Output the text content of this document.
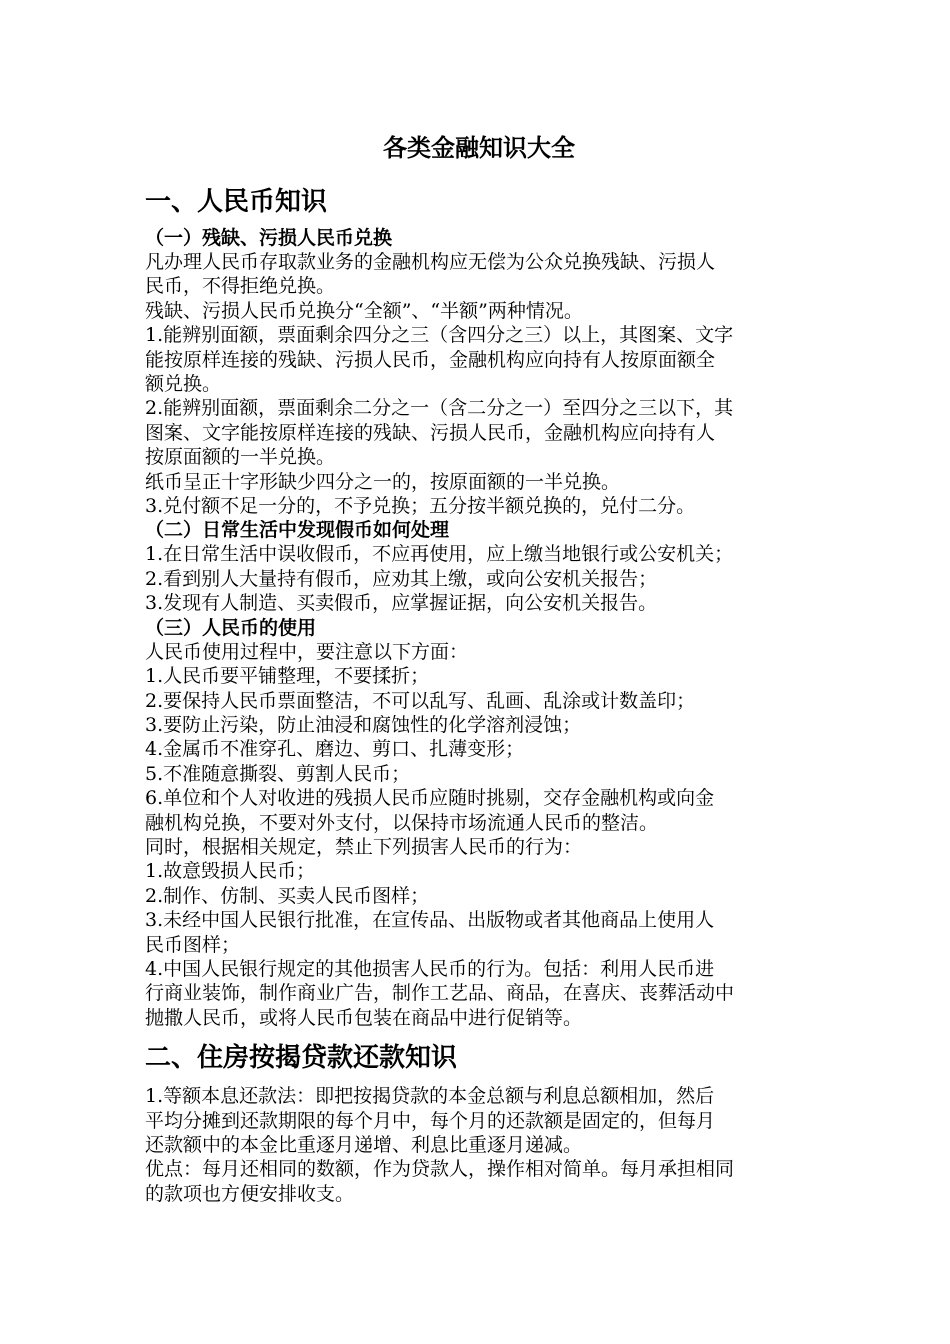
各类金融知识大全
一、人民币知识
（一）残缺、污损人民币兑换

凡办理人民币存取款业务的金融机构应无偿为公众兑换残缺、污损人
民币，不得拒绝兑换。

残缺、污损人民币兑换分“全额”、“半额”两种情况。

1.能辨别面额，票面剩余四分之三（含四分之三）以上，其图案、文字
能按原样连接的残缺、污损人民币，金融机构应向持有人按原面额全
额兑换。

2.能辨别面额，票面剩余二分之一（含二分之一）至四分之三以下，其
图案、文字能按原样连接的残缺、污损人民币，金融机构应向持有人
按原面额的一半兑换。

纸币呈正十字形缺少四分之一的，按原面额的一半兑换。

3.兑付额不足一分的，不予兑换；五分按半额兑换的，兑付二分。

（二）日常生活中发现假币如何处理

1.在日常生活中误收假币，不应再使用，应上缴当地银行或公安机关；

2.看到别人大量持有假币，应劝其上缴，或向公安机关报告；

3.发现有人制造、买卖假币，应掌握证据，向公安机关报告。

（三）人民币的使用

人民币使用过程中，要注意以下方面：

1.人民币要平铺整理，不要揉折；

2.要保持人民币票面整洁，不可以乱写、乱画、乱涂或计数盖印；

3.要防止污染，防止油浸和腐蚀性的化学溶剂浸蚀；

4.金属币不准穿孔、磨边、剪口、扎薄变形；

5.不准随意撕裂、剪割人民币；

6.单位和个人对收进的残损人民币应随时挑剔，交存金融机构或向金
融机构兑换，不要对外支付，以保持市场流通人民币的整洁。

同时，根据相关规定，禁止下列损害人民币的行为：

1.故意毁损人民币；

2.制作、仿制、买卖人民币图样；

3.未经中国人民银行批准，在宣传品、出版物或者其他商品上使用人
民币图样；

4.中国人民银行规定的其他损害人民币的行为。包括：利用人民币进
行商业装饰，制作商业广告，制作工艺品、商品，在喜庆、丧葬活动中
抛撒人民币，或将人民币包装在商品中进行促销等。

二、住房按揭贷款还款知识

1.等额本息还款法：即把按揭贷款的本金总额与利息总额相加，然后
平均分摊到还款期限的每个月中，每个月的还款额是固定的，但每月
还款额中的本金比重逐月递增、利息比重逐月递减。

优点：每月还相同的数额，作为贷款人，操作相对简单。每月承担相同
的款项也方便安排收支。
